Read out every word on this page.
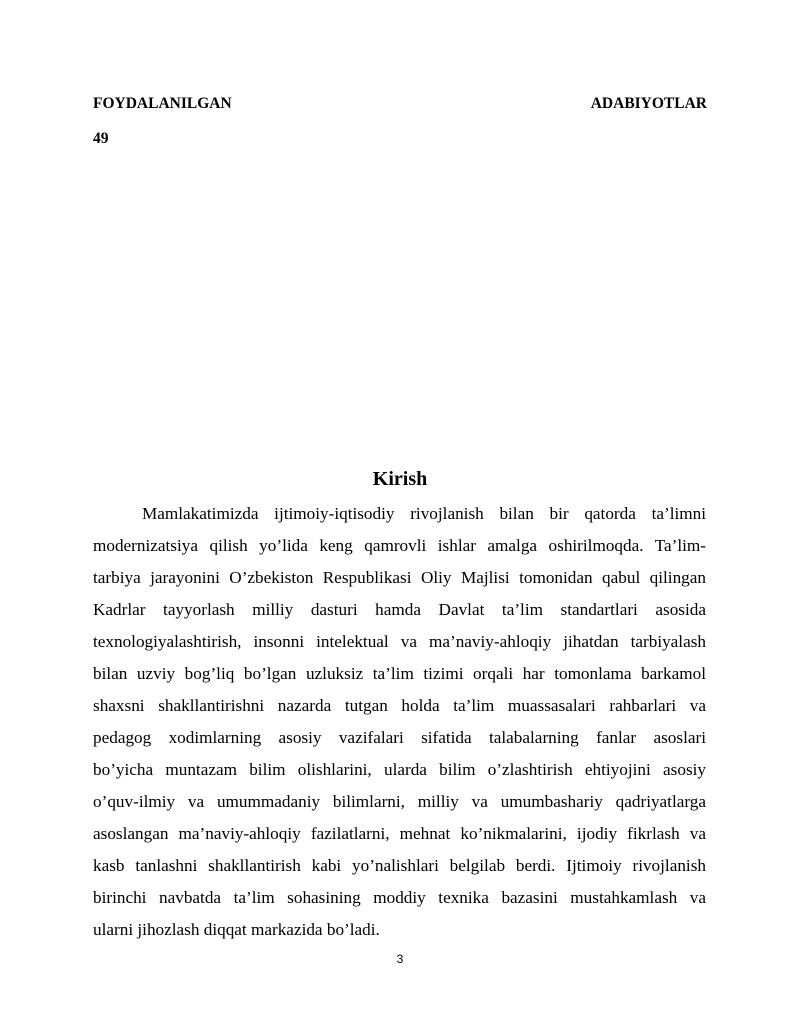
FOYDALANILGAN	ADABIYOTLAR
49
Kirish
Mamlakatimizda ijtimoiy-iqtisodiy rivojlanish bilan bir qatorda ta’limni
modernizatsiya qilish yo’lida keng qamrovli ishlar amalga oshirilmoqda. Ta’lim-
tarbiya jarayonini O’zbekiston Respublikasi Oliy Majlisi tomonidan qabul qilingan
Kadrlar tayyorlash milliy dasturi hamda Davlat ta’lim standartlari asosida
texnologiyalashtirish, insonni intelektual va ma’naviy-ahloqiy jihatdan tarbiyalash
bilan uzviy bog’liq bo’lgan uzluksiz ta’lim tizimi orqali har tomonlama barkamol
shaxsni shakllantirishni nazarda tutgan holda ta’lim muassasalari rahbarlari va
pedagog xodimlarning asosiy vazifalari sifatida talabalarning fanlar asoslari
bo’yicha muntazam bilim olishlarini, ularda bilim o’zlashtirish ehtiyojini asosiy
o’quv-ilmiy va umummadaniy bilimlarni, milliy va umumbashariy qadriyatlarga
asoslangan ma’naviy-ahloqiy fazilatlarni, mehnat ko’nikmalarini, ijodiy fikrlash va
kasb tanlashni shakllantirish kabi yo’nalishlari belgilab berdi. Ijtimoiy rivojlanish
birinchi navbatda ta’lim sohasining moddiy texnika bazasini mustahkamlash va
ularni jihozlash diqqat markazida bo’ladi.
3
